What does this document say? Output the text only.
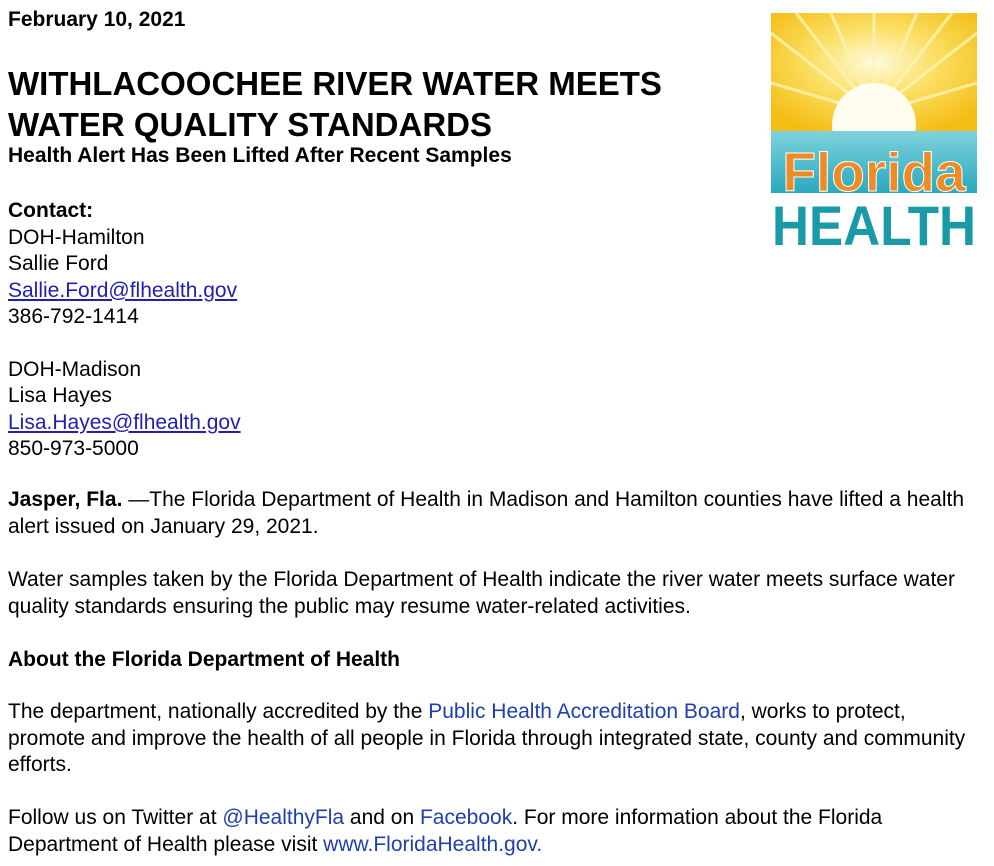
February 10, 2021
WITHLACOOCHEE RIVER WATER MEETS
WATER QUALITY STANDARDS
Health Alert Has Been Lifted After Recent Samples
Contact:
DOH-Hamilton
Sallie Ford
Sallie.Ford@flhealth.gov
386-792-1414
DOH-Madison
Lisa Hayes
Lisa.Hayes@flhealth.gov
850-973-5000
Jasper, Fla. —The Florida Department of Health in Madison and Hamilton counties have lifted a health alert issued on January 29, 2021.
Water samples taken by the Florida Department of Health indicate the river water meets surface water quality standards ensuring the public may resume water-related activities.
About the Florida Department of Health
The department, nationally accredited by the Public Health Accreditation Board, works to protect, promote and improve the health of all people in Florida through integrated state, county and community efforts.
Follow us on Twitter at @HealthyFla and on Facebook. For more information about the Florida Department of Health please visit www.FloridaHealth.gov.
Florida
HEALTH
